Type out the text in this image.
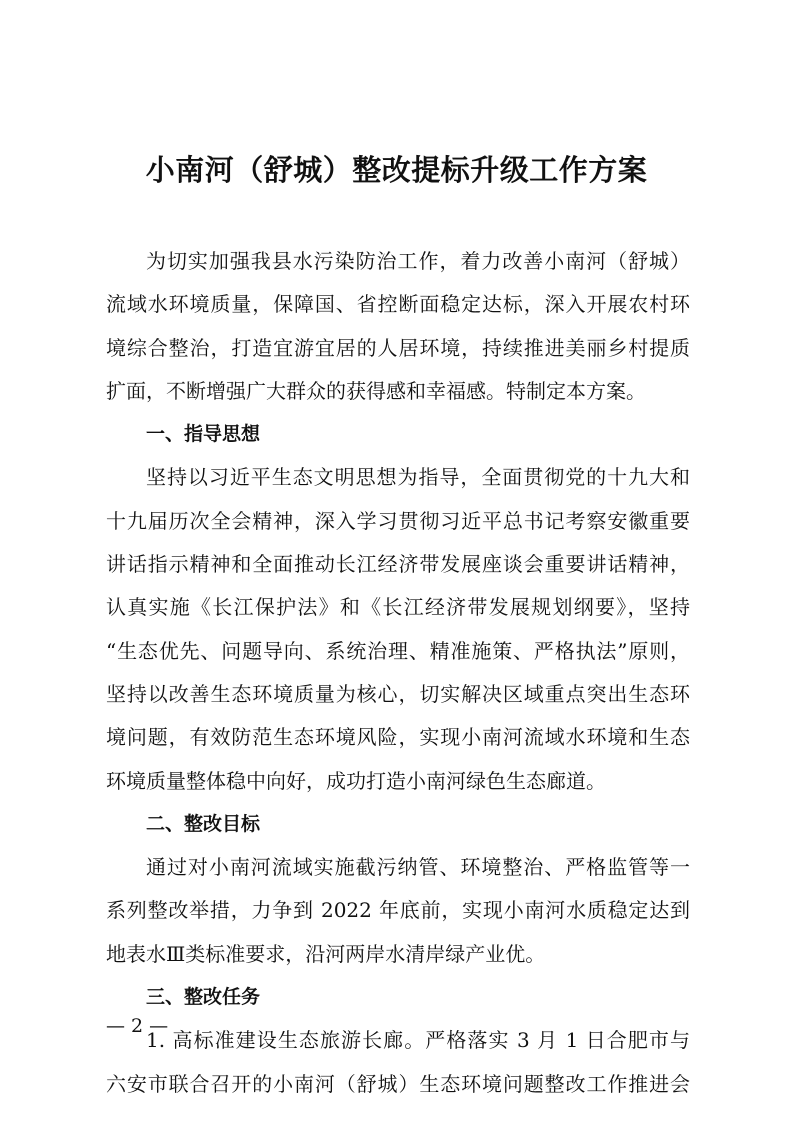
小南河（舒城）整改提标升级工作方案
为切实加强我县水污染防治工作，着力改善小南河（舒城）
流域水环境质量，保障国、省控断面稳定达标，深入开展农村环
境综合整治，打造宜游宜居的人居环境，持续推进美丽乡村提质
扩面，不断增强广大群众的获得感和幸福感。特制定本方案。
一、指导思想
坚持以习近平生态文明思想为指导，全面贯彻党的十九大和
十九届历次全会精神，深入学习贯彻习近平总书记考察安徽重要
讲话指示精神和全面推动长江经济带发展座谈会重要讲话精神，
认真实施《长江保护法》和《长江经济带发展规划纲要》，坚持
“生态优先、问题导向、系统治理、精准施策、严格执法”原则，
坚持以改善生态环境质量为核心，切实解决区域重点突出生态环
境问题，有效防范生态环境风险，实现小南河流域水环境和生态
环境质量整体稳中向好，成功打造小南河绿色生态廊道。
二、整改目标
通过对小南河流域实施截污纳管、环境整治、严格监管等一
系列整改举措，力争到 2022 年底前，实现小南河水质稳定达到
地表水Ⅲ类标准要求，沿河两岸水清岸绿产业优。
三、整改任务
1. 高标准建设生态旅游长廊。严格落实 3 月 1 日合肥市与
六安市联合召开的小南河（舒城）生态环境问题整改工作推进会
— 2 —
